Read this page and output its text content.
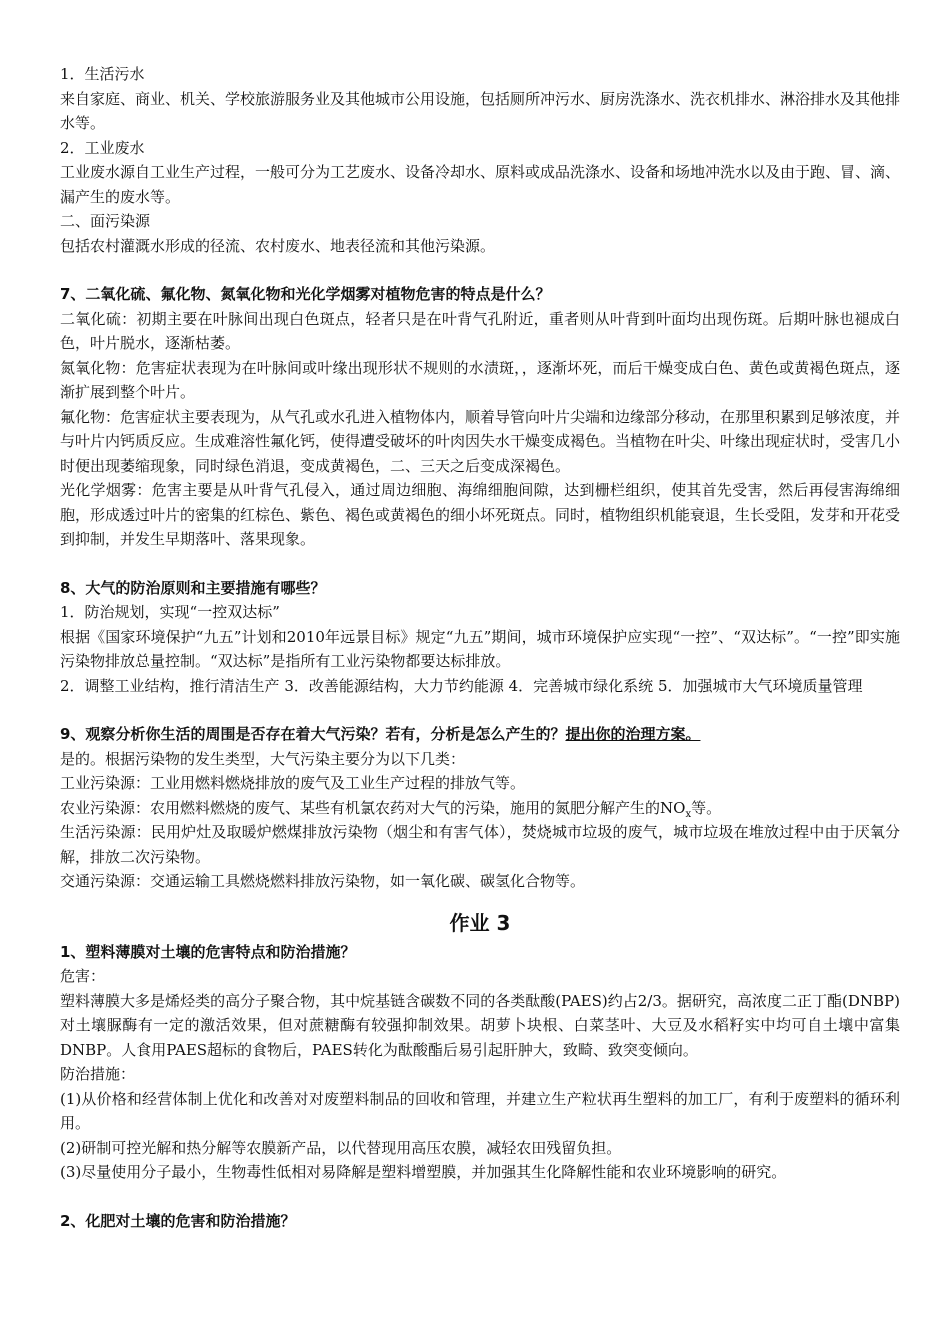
1．生活污水

来自家庭、商业、机关、学校旅游服务业及其他城市公用设施，包括厕所冲污水、厨房洗涤水、洗衣机排水、淋浴排水及其他排水等。

2．工业废水

工业废水源自工业生产过程，一般可分为工艺废水、设备冷却水、原料或成品洗涤水、设备和场地冲洗水以及由于跑、冒、滴、漏产生的废水等。

二、面污染源

包括农村灌溉水形成的径流、农村废水、地表径流和其他污染源。

7、二氧化硫、氟化物、氮氧化物和光化学烟雾对植物危害的特点是什么？

二氧化硫：初期主要在叶脉间出现白色斑点，轻者只是在叶背气孔附近，重者则从叶背到叶面均出现伤斑。后期叶脉也褪成白色，叶片脱水，逐渐枯萎。

氮氧化物：危害症状表现为在叶脉间或叶缘出现形状不规则的水渍斑，，逐渐坏死，而后干燥变成白色、黄色或黄褐色斑点，逐渐扩展到整个叶片。

氟化物：危害症状主要表现为，从气孔或水孔进入植物体内，顺着导管向叶片尖端和边缘部分移动，在那里积累到足够浓度，并与叶片内钙质反应。生成难溶性氟化钙，使得遭受破坏的叶肉因失水干燥变成褐色。当植物在叶尖、叶缘出现症状时，受害几小时便出现萎缩现象，同时绿色消退，变成黄褐色，二、三天之后变成深褐色。

光化学烟雾：危害主要是从叶背气孔侵入，通过周边细胞、海绵细胞间隙，达到栅栏组织，使其首先受害，然后再侵害海绵细胞，形成透过叶片的密集的红棕色、紫色、褐色或黄褐色的细小坏死斑点。同时，植物组织机能衰退，生长受阻，发芽和开花受到抑制，并发生早期落叶、落果现象。

8、大气的防治原则和主要措施有哪些？

1．防治规划，实现“一控双达标”

根据《国家环境保护“九五”计划和2010年远景目标》规定“九五”期间，城市环境保护应实现“一控”、“双达标”。“一控”即实施污染物排放总量控制。“双达标”是指所有工业污染物都要达标排放。

2．调整工业结构，推行清洁生产 3．改善能源结构，大力节约能源 4．完善城市绿化系统 5．加强城市大气环境质量管理

9、观察分析你生活的周围是否存在着大气污染？若有，分析是怎么产生的？提出你的治理方案。

是的。根据污染物的发生类型，大气污染主要分为以下几类：

工业污染源：工业用燃料燃烧排放的废气及工业生产过程的排放气等。

农业污染源：农用燃料燃烧的废气、某些有机氯农药对大气的污染，施用的氮肥分解产生的$NO_x$等。

生活污染源：民用炉灶及取暖炉燃煤排放污染物（烟尘和有害气体），焚烧城市垃圾的废气，城市垃圾在堆放过程中由于厌氧分解，排放二次污染物。

交通污染源：交通运输工具燃烧燃料排放污染物，如一氧化碳、碳氢化合物等。

作业 3

1、塑料薄膜对土壤的危害特点和防治措施？

危害：

塑料薄膜大多是烯烃类的高分子聚合物，其中烷基链含碳数不同的各类酞酸(PAES)约占2/3。据研究，高浓度二正丁酯(DNBP)对土壤脲酶有一定的激活效果，但对蔗糖酶有较强抑制效果。胡萝卜块根、白菜茎叶、大豆及水稻籽实中均可自土壤中富集DNBP。人食用PAES超标的食物后，PAES转化为酞酸酯后易引起肝肿大，致畸、致突变倾向。

防治措施：

(1)从价格和经营体制上优化和改善对对废塑料制品的回收和管理，并建立生产粒状再生塑料的加工厂，有利于废塑料的循环利用。

(2)研制可控光解和热分解等农膜新产品，以代替现用高压农膜，减轻农田残留负担。

(3)尽量使用分子最小，生物毒性低相对易降解是塑料增塑膜，并加强其生化降解性能和农业环境影响的研究。

2、化肥对土壤的危害和防治措施？
